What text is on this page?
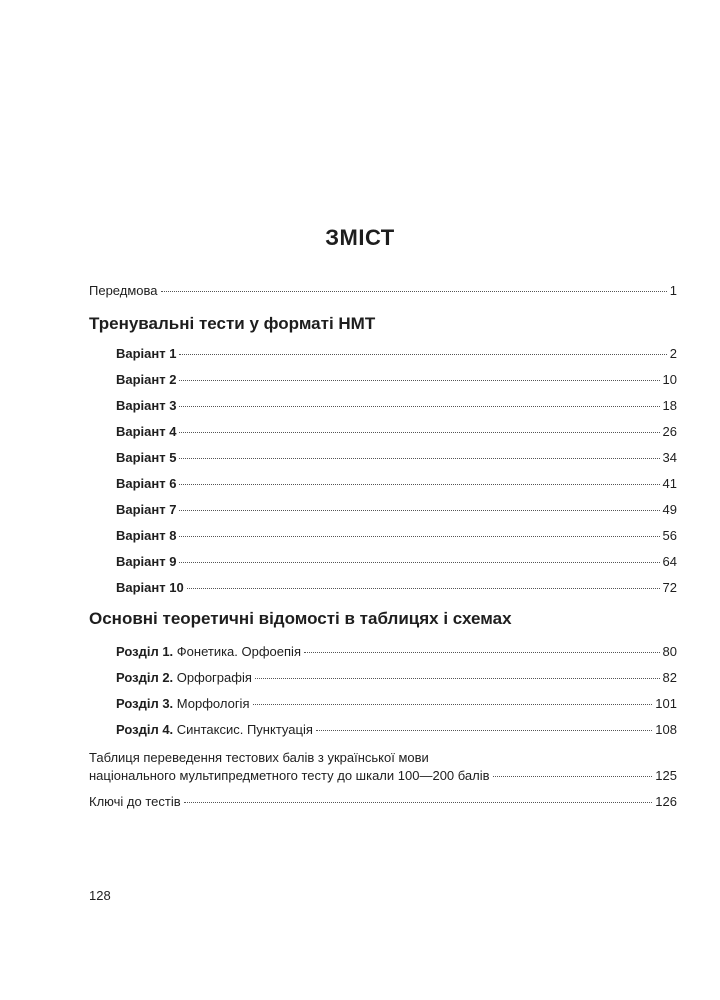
ЗМІСТ
Передмова	1
Тренувальні тести у форматі НМТ
Варіант 1	2
Варіант 2	10
Варіант 3	18
Варіант 4	26
Варіант 5	34
Варіант 6	41
Варіант 7	49
Варіант 8	56
Варіант 9	64
Варіант 10	72
Основні теоретичні відомості в таблицях і схемах
Розділ 1. Фонетика. Орфоепія	80
Розділ 2. Орфографія	82
Розділ 3. Морфологія	101
Розділ 4. Синтаксис. Пунктуація	108
Таблиця переведення тестових балів з української мови
національного мультипредметного тесту до шкали 100—200 балів	125
Ключі до тестів	126
128
